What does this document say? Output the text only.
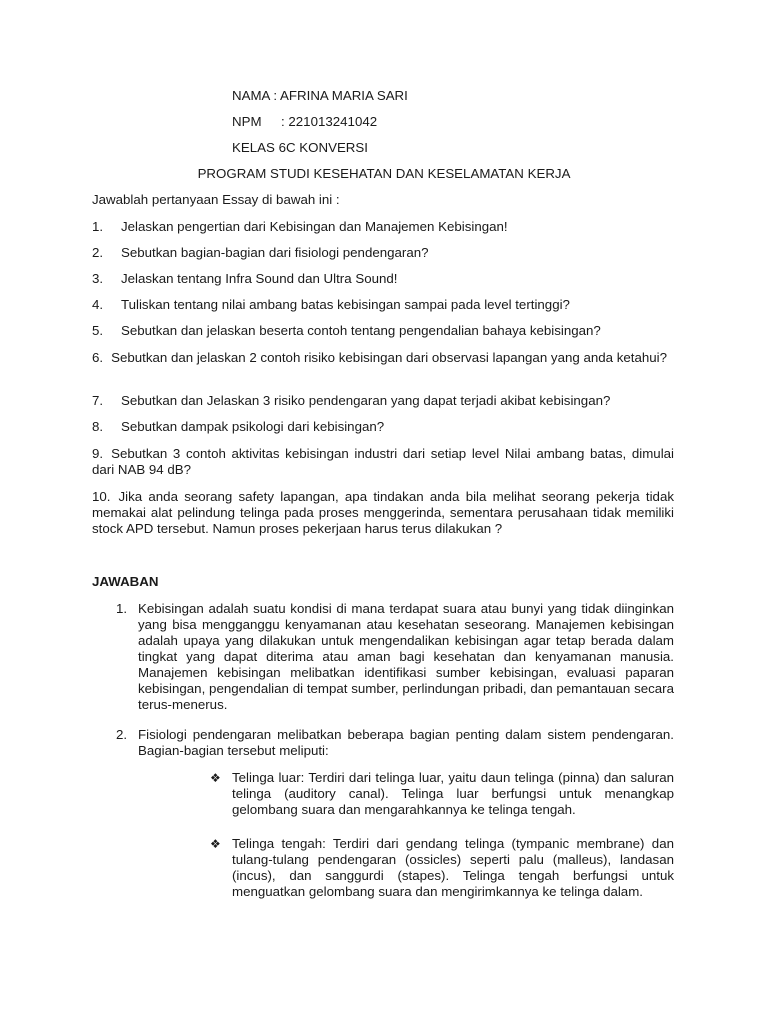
NAMA : AFRINA MARIA SARI
NPM	: 221013241042
KELAS 6C KONVERSI
PROGRAM STUDI KESEHATAN DAN KESELAMATAN KERJA
Jawablah pertanyaan Essay di bawah ini :
1. Jelaskan pengertian dari Kebisingan dan Manajemen Kebisingan!
2. Sebutkan bagian-bagian dari fisiologi pendengaran?
3. Jelaskan tentang Infra Sound dan Ultra Sound!
4. Tuliskan tentang nilai ambang batas kebisingan sampai pada level tertinggi?
5. Sebutkan dan jelaskan beserta contoh tentang pengendalian bahaya kebisingan?
6. Sebutkan dan jelaskan 2 contoh risiko kebisingan dari observasi lapangan yang anda ketahui?
7. Sebutkan dan Jelaskan 3 risiko pendengaran yang dapat terjadi akibat kebisingan?
8. Sebutkan dampak psikologi dari kebisingan?
9. Sebutkan 3 contoh aktivitas kebisingan industri dari setiap level Nilai ambang batas, dimulai dari NAB 94 dB?
10. Jika anda seorang safety lapangan, apa tindakan anda bila melihat seorang pekerja tidak memakai alat pelindung telinga pada proses menggerinda, sementara perusahaan tidak memiliki stock APD tersebut. Namun proses pekerjaan harus terus dilakukan ?
JAWABAN
1. Kebisingan adalah suatu kondisi di mana terdapat suara atau bunyi yang tidak diinginkan yang bisa mengganggu kenyamanan atau kesehatan seseorang. Manajemen kebisingan adalah upaya yang dilakukan untuk mengendalikan kebisingan agar tetap berada dalam tingkat yang dapat diterima atau aman bagi kesehatan dan kenyamanan manusia. Manajemen kebisingan melibatkan identifikasi sumber kebisingan, evaluasi paparan kebisingan, pengendalian di tempat sumber, perlindungan pribadi, dan pemantauan secara terus-menerus.
2. Fisiologi pendengaran melibatkan beberapa bagian penting dalam sistem pendengaran. Bagian-bagian tersebut meliputi:
❖ Telinga luar: Terdiri dari telinga luar, yaitu daun telinga (pinna) dan saluran telinga (auditory canal). Telinga luar berfungsi untuk menangkap gelombang suara dan mengarahkannya ke telinga tengah.
❖ Telinga tengah: Terdiri dari gendang telinga (tympanic membrane) dan tulang-tulang pendengaran (ossicles) seperti palu (malleus), landasan (incus), dan sanggurdi (stapes). Telinga tengah berfungsi untuk menguatkan gelombang suara dan mengirimkannya ke telinga dalam.
